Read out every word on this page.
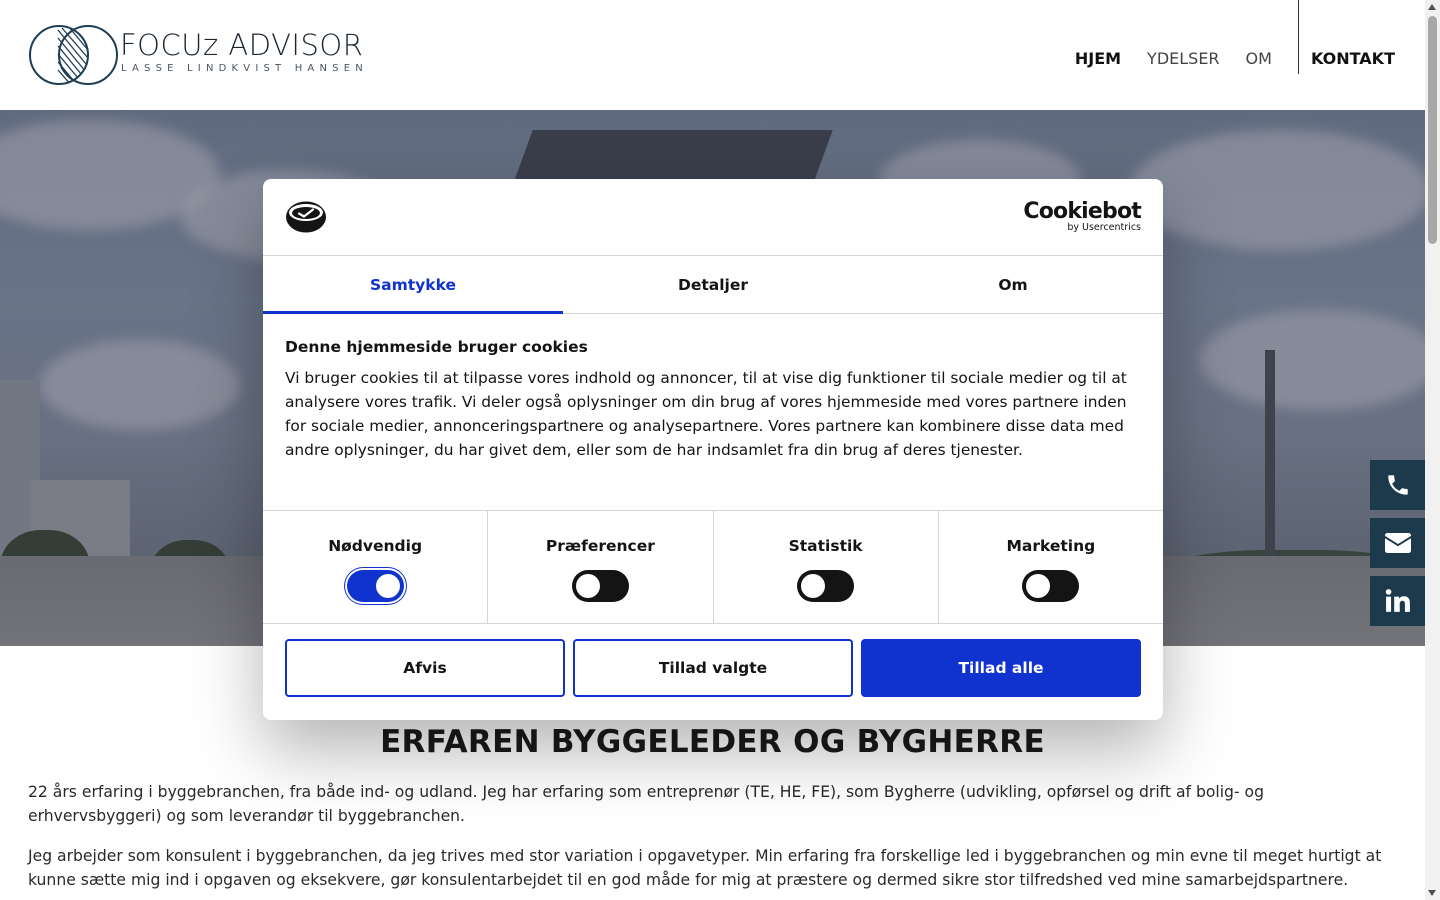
FOCUz ADVISOR
LASSE LINDKVIST HANSEN
HJEM YDELSER OM KONTAKT
ERFAREN BYGGELEDER OG BYGHERRE

22 års erfaring i byggebranchen, fra både ind- og udland. Jeg har erfaring som entreprenør (TE, HE, FE), som Bygherre (udvikling, opførsel og drift af bolig- og erhvervsbyggeri) og som leverandør til byggebranchen.

Jeg arbejder som konsulent i byggebranchen, da jeg trives med stor variation i opgavetyper. Min erfaring fra forskellige led i byggebranchen og min evne til meget hurtigt at kunne sætte mig ind i opgaven og eksekvere, gør konsulentarbejdet til en god måde for mig at præstere og dermed sikre stor tilfredshed ved mine samarbejdspartnere.

Cookiebot
by Usercentrics
Samtykke	Detaljer	Om
Denne hjemmeside bruger cookies
Vi bruger cookies til at tilpasse vores indhold og annoncer, til at vise dig funktioner til sociale medier og til at analysere vores trafik. Vi deler også oplysninger om din brug af vores hjemmeside med vores partnere inden for sociale medier, annonceringspartnere og analysepartnere. Vores partnere kan kombinere disse data med andre oplysninger, du har givet dem, eller som de har indsamlet fra din brug af deres tjenester.
Nødvendig	Præferencer	Statistik	Marketing
Afvis	Tillad valgte	Tillad alle
